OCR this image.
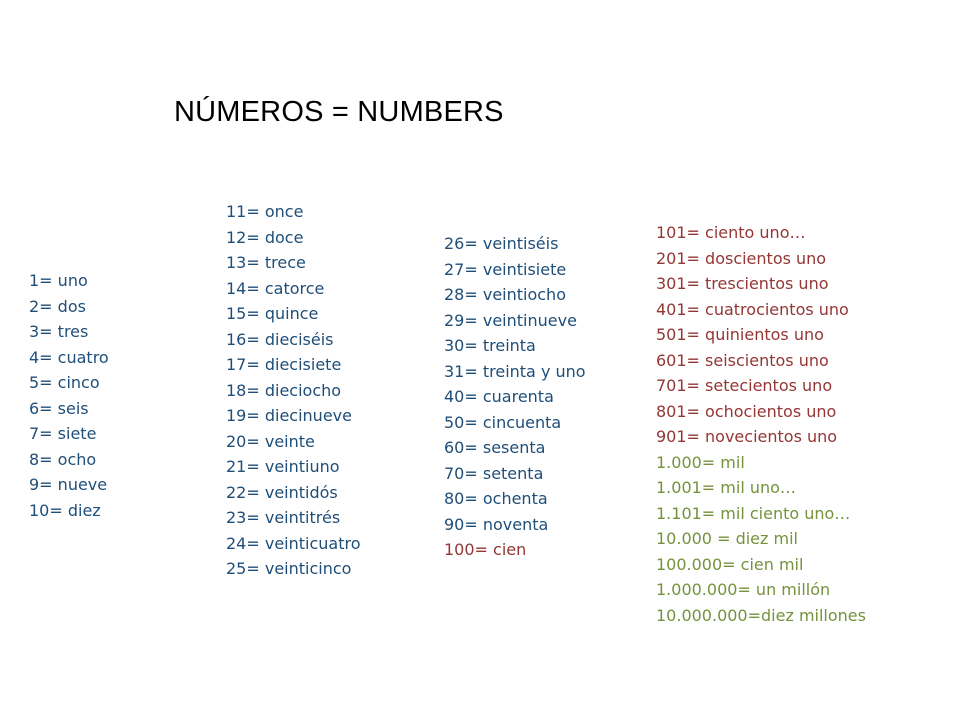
NÚMEROS = NUMBERS
1= uno
2= dos
3= tres
4= cuatro
5= cinco
6= seis
7= siete
8= ocho
9= nueve
10= diez
11= once
12= doce
13= trece
14= catorce
15= quince
16= dieciséis
17= diecisiete
18= dieciocho
19= diecinueve
20= veinte
21= veintiuno
22= veintidós
23= veintitrés
24= veinticuatro
25= veinticinco
26= veintiséis
27= veintisiete
28= veintiocho
29= veintinueve
30= treinta
31= treinta y uno
40= cuarenta
50= cincuenta
60= sesenta
70= setenta
80= ochenta
90= noventa
100= cien
101= ciento uno…
201= doscientos uno
301= trescientos uno
401= cuatrocientos uno
501= quinientos uno
601= seiscientos uno
701= setecientos uno
801= ochocientos uno
901= novecientos uno
1.000= mil
1.001= mil uno…
1.101= mil ciento uno…
10.000 = diez mil
100.000= cien mil
1.000.000= un millón
10.000.000=diez millones
